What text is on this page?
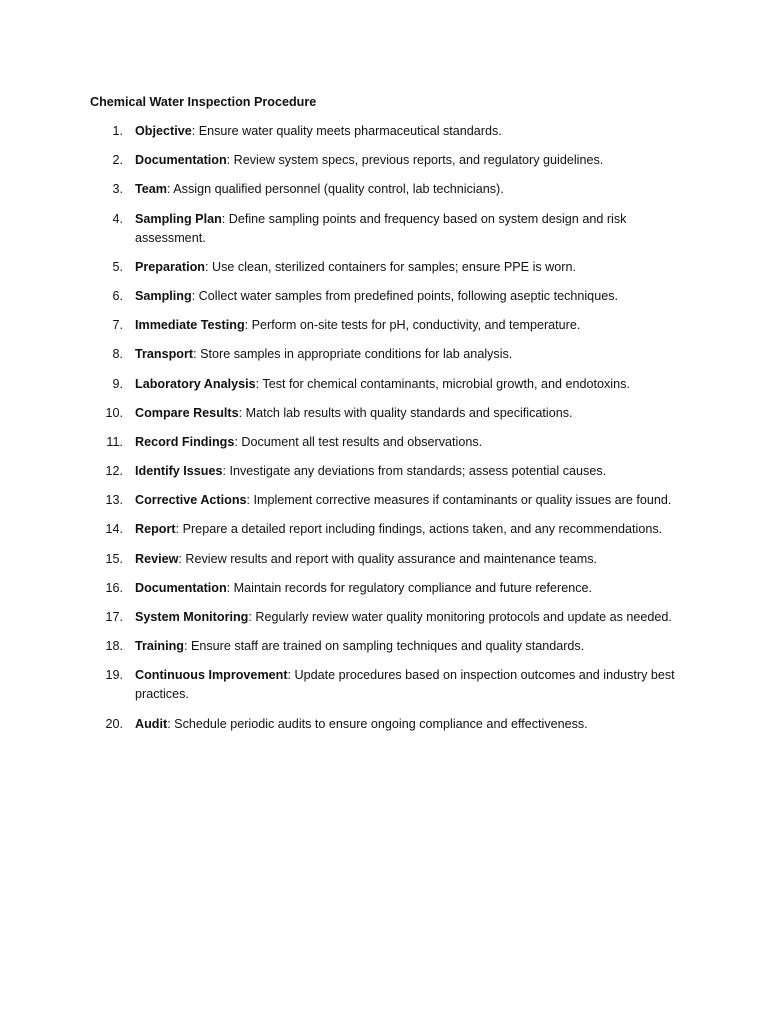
Chemical Water Inspection Procedure
1. Objective: Ensure water quality meets pharmaceutical standards.
2. Documentation: Review system specs, previous reports, and regulatory guidelines.
3. Team: Assign qualified personnel (quality control, lab technicians).
4. Sampling Plan: Define sampling points and frequency based on system design and risk assessment.
5. Preparation: Use clean, sterilized containers for samples; ensure PPE is worn.
6. Sampling: Collect water samples from predefined points, following aseptic techniques.
7. Immediate Testing: Perform on-site tests for pH, conductivity, and temperature.
8. Transport: Store samples in appropriate conditions for lab analysis.
9. Laboratory Analysis: Test for chemical contaminants, microbial growth, and endotoxins.
10. Compare Results: Match lab results with quality standards and specifications.
11. Record Findings: Document all test results and observations.
12. Identify Issues: Investigate any deviations from standards; assess potential causes.
13. Corrective Actions: Implement corrective measures if contaminants or quality issues are found.
14. Report: Prepare a detailed report including findings, actions taken, and any recommendations.
15. Review: Review results and report with quality assurance and maintenance teams.
16. Documentation: Maintain records for regulatory compliance and future reference.
17. System Monitoring: Regularly review water quality monitoring protocols and update as needed.
18. Training: Ensure staff are trained on sampling techniques and quality standards.
19. Continuous Improvement: Update procedures based on inspection outcomes and industry best practices.
20. Audit: Schedule periodic audits to ensure ongoing compliance and effectiveness.
